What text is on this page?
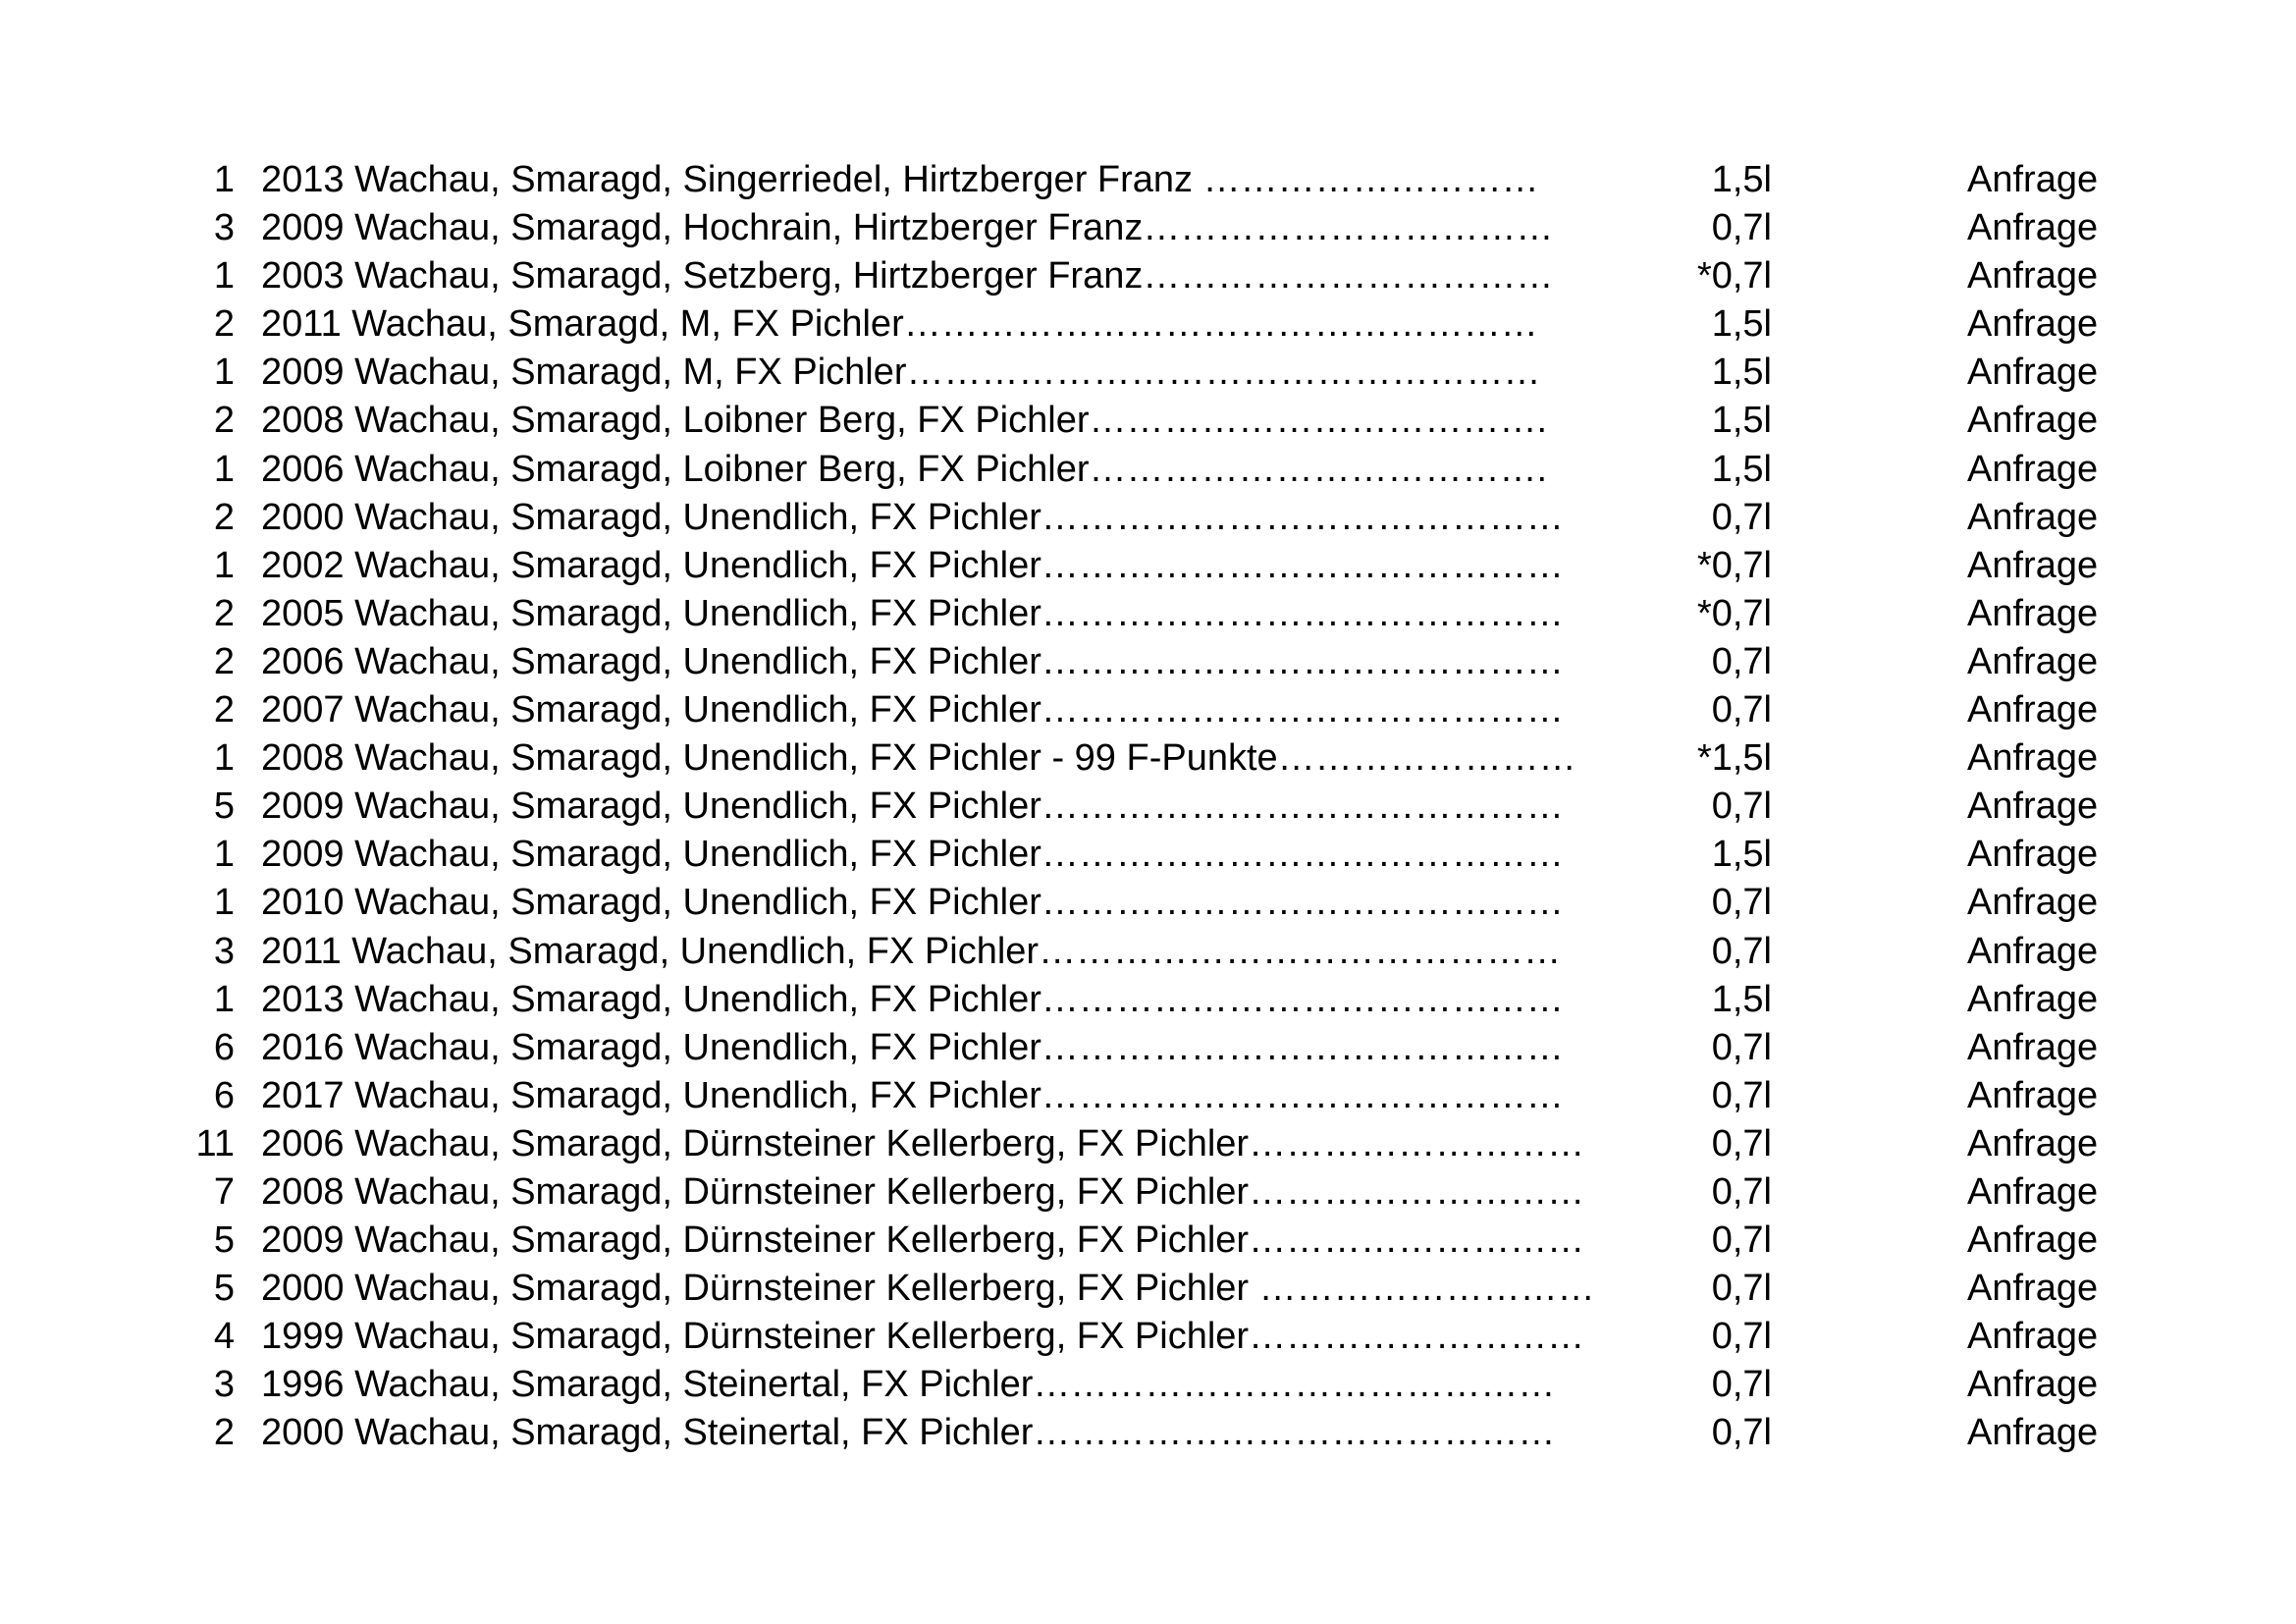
1 2013 Wachau, Smaragd, Singerriedel, Hirtzberger Franz ………………………	1,5l	Anfrage
3 2009 Wachau, Smaragd, Hochrain, Hirtzberger Franz……………………………	0,7l	Anfrage
1 2003 Wachau, Smaragd, Setzberg, Hirtzberger Franz……………………………	*0,7l	Anfrage
2 2011 Wachau, Smaragd, M, FX Pichler……………………………………………	1,5l	Anfrage
1 2009 Wachau, Smaragd, M, FX Pichler……………………………………………	1,5l	Anfrage
2 2008 Wachau, Smaragd, Loibner Berg, FX Pichler……………………………….	1,5l	Anfrage
1 2006 Wachau, Smaragd, Loibner Berg, FX Pichler……………………………….	1,5l	Anfrage
2 2000 Wachau, Smaragd, Unendlich, FX Pichler……………………………………	0,7l	Anfrage
1 2002 Wachau, Smaragd, Unendlich, FX Pichler……………………………………	*0,7l	Anfrage
2 2005 Wachau, Smaragd, Unendlich, FX Pichler……………………………………	*0,7l	Anfrage
2 2006 Wachau, Smaragd, Unendlich, FX Pichler……………………………………	0,7l	Anfrage
2 2007 Wachau, Smaragd, Unendlich, FX Pichler……………………………………	0,7l	Anfrage
1 2008 Wachau, Smaragd, Unendlich, FX Pichler - 99 F-Punkte……………………	*1,5l	Anfrage
5 2009 Wachau, Smaragd, Unendlich, FX Pichler……………………………………	0,7l	Anfrage
1 2009 Wachau, Smaragd, Unendlich, FX Pichler……………………………………	1,5l	Anfrage
1 2010 Wachau, Smaragd, Unendlich, FX Pichler……………………………………	0,7l	Anfrage
3 2011 Wachau, Smaragd, Unendlich, FX Pichler……………………………………	0,7l	Anfrage
1 2013 Wachau, Smaragd, Unendlich, FX Pichler……………………………………	1,5l	Anfrage
6 2016 Wachau, Smaragd, Unendlich, FX Pichler……………………………………	0,7l	Anfrage
6 2017 Wachau, Smaragd, Unendlich, FX Pichler……………………………………	0,7l	Anfrage
11 2006 Wachau, Smaragd, Dürnsteiner Kellerberg, FX Pichler………………………	0,7l	Anfrage
7 2008 Wachau, Smaragd, Dürnsteiner Kellerberg, FX Pichler………………………	0,7l	Anfrage
5 2009 Wachau, Smaragd, Dürnsteiner Kellerberg, FX Pichler………………………	0,7l	Anfrage
5 2000 Wachau, Smaragd, Dürnsteiner Kellerberg, FX Pichler ………………………	0,7l	Anfrage
4 1999 Wachau, Smaragd, Dürnsteiner Kellerberg, FX Pichler………………………	0,7l	Anfrage
3 1996 Wachau, Smaragd, Steinertal, FX Pichler……………………………………	0,7l	Anfrage
2 2000 Wachau, Smaragd, Steinertal, FX Pichler……………………………………	0,7l	Anfrage
